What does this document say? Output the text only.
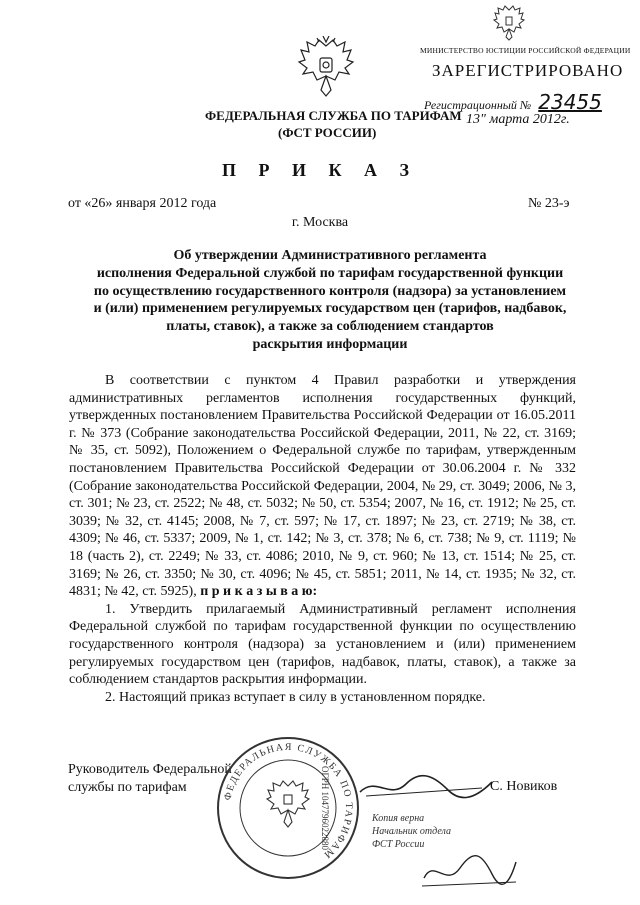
ФЕДЕРАЛЬНАЯ СЛУЖБА ПО ТАРИФАМ
(ФСТ РОССИИ)
МИНИСТЕРСТВО ЮСТИЦИИ РОССИЙСКОЙ ФЕДЕРАЦИИ
ЗАРЕГИСТРИРОВАНО
Регистрационный № 23455
13" марта 2012г.
П Р И К А З
от «26» января 2012 года	№ 23-э
г. Москва
Об утверждении Административного регламента
исполнения Федеральной службой по тарифам государственной функции
по осуществлению государственного контроля (надзора) за установлением
и (или) применением регулируемых государством цен (тарифов, надбавок,
платы, ставок), а также за соблюдением стандартов
раскрытия информации

В соответствии с пунктом 4 Правил разработки и утверждения административных регламентов исполнения государственных функций, утвержденных постановлением Правительства Российской Федерации от 16.05.2011 г. № 373 (Собрание законодательства Российской Федерации, 2011, № 22, ст. 3169; № 35, ст. 5092), Положением о Федеральной службе по тарифам, утвержденным постановлением Правительства Российской Федерации от 30.06.2004 г. № 332 (Собрание законодательства Российской Федерации, 2004, № 29, ст. 3049; 2006, № 3, ст. 301; № 23, ст. 2522; № 48, ст. 5032; № 50, ст. 5354; 2007, № 16, ст. 1912; № 25, ст. 3039; № 32, ст. 4145; 2008, № 7, ст. 597; № 17, ст. 1897; № 23, ст. 2719; № 38, ст. 4309; № 46, ст. 5337; 2009, № 1, ст. 142; № 3, ст. 378; № 6, ст. 738; № 9, ст. 1119; № 18 (часть 2), ст. 2249; № 33, ст. 4086; 2010, № 9, ст. 960; № 13, ст. 1514; № 25, ст. 3169; № 26, ст. 3350; № 30, ст. 4096; № 45, ст. 5851; 2011, № 14, ст. 1935; № 32, ст. 4831; № 42, ст. 5925), п р и к а з ы в а ю:

1. Утвердить прилагаемый Административный регламент исполнения Федеральной службой по тарифам государственной функции по осуществлению государственного контроля (надзора) за установлением и (или) применением регулируемых государством цен (тарифов, надбавок, платы, ставок), а также за соблюдением стандартов раскрытия информации.

2. Настоящий приказ вступает в силу в установленном порядке.

Руководитель Федеральной
службы по тарифам
ФЕДЕРАЛЬНАЯ СЛУЖБА ПО ТАРИФАМ
ОГРН 1047796022880	С. Новиков
Копия верна
Начальник отдела
ФСТ России
